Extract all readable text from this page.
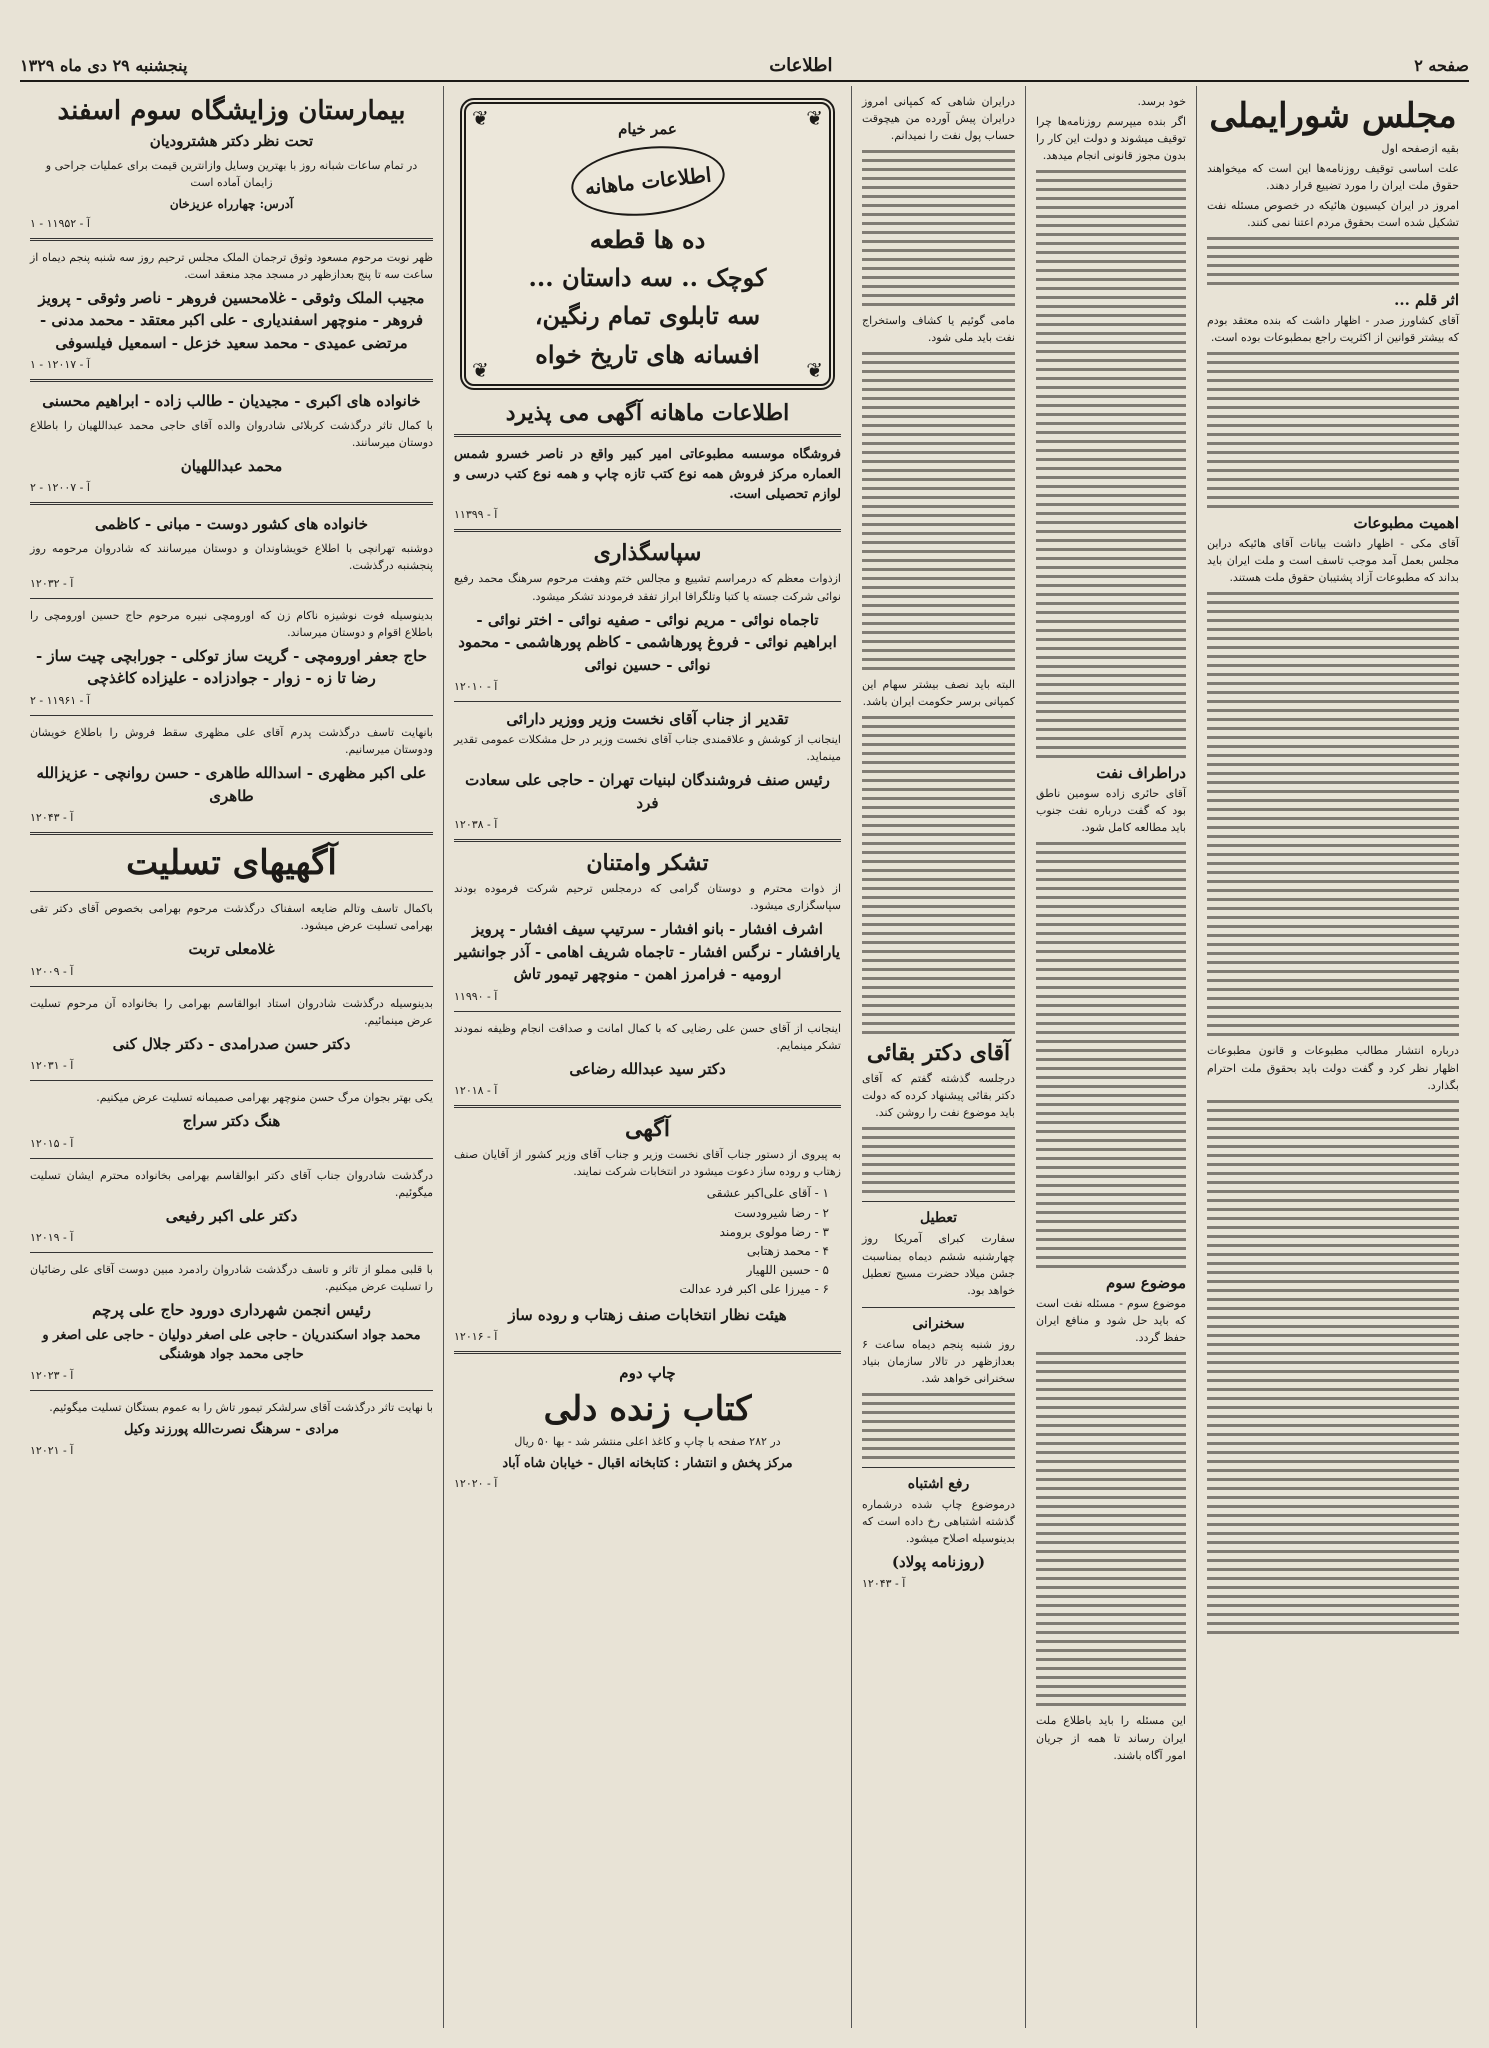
صفحه ۲
اطلاعات
پنجشنبه ۲۹ دی ماه ۱۳۲۹
مجلس شورایملی
بقیه ازصفحه اول

علت اساسی توقیف روزنامه‌ها این است که میخواهند حقوق ملت ایران را مورد تضییع قرار دهند.

امروز در ایران کیسیون هائیکه در خصوص مسئله نفت تشکیل شده است بحقوق مردم اعتنا نمی کنند.

اثر قلم ...

آقای کشاورز صدر - اظهار داشت که بنده معتقد بودم که بیشتر قوانین از اکثریت راجع بمطبوعات بوده است.

اهمیت مطبوعات

آقای مکی - اظهار داشت بیانات آقای هائیکه دراین مجلس بعمل آمد موجب تاسف است و ملت ایران باید بداند که مطبوعات آزاد پشتیبان حقوق ملت هستند.

درباره انتشار مطالب مطبوعات و قانون مطبوعات اظهار نظر کرد و گفت دولت باید بحقوق ملت احترام بگذارد.

خود برسد.

اگر بنده میپرسم روزنامه‌ها چرا توقیف میشوند و دولت این کار را بدون مجوز قانونی انجام میدهد.

دراطراف نفت

آقای حائری زاده سومین ناطق بود که گفت درباره نفت جنوب باید مطالعه کامل شود.

موضوع سوم

موضوع سوم - مسئله نفت است که باید حل شود و منافع ایران حفظ گردد.

این مسئله را باید باطلاع ملت ایران رساند تا همه از جریان امور آگاه باشند.

درایران شاهی که کمپانی امروز درایران پیش آورده من هیچوقت حساب پول نفت را نمیدانم.

مامی گوئیم یا کشاف واستخراج نفت باید ملی شود.

البته باید نصف بیشتر سهام این کمپانی برسر حکومت ایران باشد.

آقای دکتر بقائی

درجلسه گذشته گفتم که آقای دکتر بقائی پیشنهاد کرده که دولت باید موضوع نفت را روشن کند.

تعطیل

سفارت کبرای آمریکا روز چهارشنبه ششم دیماه بمناسبت جشن میلاد حضرت مسیح تعطیل خواهد بود.

سخنرانی

روز شنبه پنجم دیماه ساعت ۶ بعدازظهر در تالار سازمان بنیاد سخنرانی خواهد شد.

رفع اشتباه

درموضوع چاپ شده درشماره گذشته اشتباهی رخ داده است که بدینوسیله اصلاح میشود.

(روزنامه پولاد)
آ - ۱۲۰۴۳
❦	❦
❦	❦
عمر خیام
اطلاعات ماهانه
ده ها قطعه
کوچک .. سه داستان ...
سه تابلوی تمام رنگین،
افسانه های تاریخ خواه
اطلاعات ماهانه آگهی می پذیرد

فروشگاه موسسه مطبوعاتی امیر کبیر واقع در ناصر خسرو شمس العماره مرکز فروش همه نوع کتب تازه چاپ و همه نوع کتب درسی و لوازم تحصیلی است.

آ - ۱۱۳۹۹
سپاسگذاری

ازذوات معظم که درمراسم تشییع و مجالس ختم وهفت مرحوم سرهنگ محمد رفیع نوائی شرکت جسته یا کتبا وتلگرافا ابراز تفقد فرمودند تشکر میشود.

تاجماه نوائی - مریم نوائی - صفیه نوائی - اختر نوائی - ابراهیم نوائی - فروغ پورهاشمی - کاظم پورهاشمی - محمود نوائی - حسین نوائی
آ - ۱۲۰۱۰
تقدیر از جناب آقای نخست وزیر ووزیر دارائی

اینجانب از کوشش و علاقمندی جناب آقای نخست وزیر در حل مشکلات عمومی تقدیر مینماید.

رئیس صنف فروشندگان لبنیات تهران - حاجی علی سعادت فرد
آ - ۱۲۰۳۸
تشکر وامتنان

از ذوات محترم و دوستان گرامی که درمجلس ترحیم شرکت فرموده بودند سپاسگزاری میشود.

اشرف افشار - بانو افشار - سرتیپ سیف افشار - پرویز یارافشار - نرگس افشار - تاجماه شریف اهامی - آذر جوانشیر ارومیه - فرامرز اهمن - منوچهر تیمور تاش
آ - ۱۱۹۹۰

اینجانب از آقای حسن علی رضایی که با کمال امانت و صداقت انجام وظیفه نمودند تشکر مینمایم.

دکتر سید عبدالله رضاعی
آ - ۱۲۰۱۸
آگهی

به پیروی از دستور جناب آقای نخست وزیر و جناب آقای وزیر کشور از آقایان صنف زهتاب و روده ساز دعوت میشود در انتخابات شرکت نمایند.

۱ - آقای علی‌اکبر عشقی
۲ - رضا شیرودست
۳ - رضا مولوی برومند
۴ - محمد زهتابی
۵ - حسین اللهیار
۶ - میرزا علی اکبر فرد عدالت
هیئت نظار انتخابات صنف زهتاب و روده ساز
آ - ۱۲۰۱۶
چاپ دوم
کتاب زنده دلی

در ۲۸۲ صفحه با چاپ و کاغذ اعلی منتشر شد - بها ۵۰ ریال

مرکز پخش و انتشار : کتابخانه اقبال - خیابان شاه آباد
آ - ۱۲۰۲۰
بیمارستان وزایشگاه سوم اسفند
تحت نظر دکتر هشترودیان

در تمام ساعات شبانه روز با بهترین وسایل وازانترین قیمت برای عملیات جراحی و زایمان آماده است

آدرس: چهارراه عزیزخان
آ - ۱۱۹۵۲ - ۱

ظهر نوبت مرحوم مسعود وثوق ترجمان الملک مجلس ترحیم روز سه شنبه پنجم دیماه از ساعت سه تا پنج بعدازظهر در مسجد مجد منعقد است.

مجیب الملک وثوقی - غلامحسین فروهر - ناصر وثوقی - پرویز فروهر - منوچهر اسفندیاری - علی اکبر معتقد - محمد مدنی - مرتضی عمیدی - محمد سعید خزعل - اسمعیل فیلسوفی
آ - ۱۲۰۱۷ - ۱
خانواده های اکبری - مجیدیان - طالب زاده - ابراهیم محسنی

با کمال تاثر درگذشت کربلائی شادروان والده آقای حاجی محمد عبداللهیان را باطلاع دوستان میرسانند.

محمد عبداللهیان
آ - ۱۲۰۰۷ - ۲
خانواده های کشور دوست - مبانی - کاظمی

دوشنبه تهرانچی با اطلاع خویشاوندان و دوستان میرسانند که شادروان مرحومه روز پنجشنبه درگذشت.

آ - ۱۲۰۳۲

بدینوسیله فوت نوشیزه ناکام زن که اورومچی نبیره مرحوم حاج حسین اورومچی را باطلاع اقوام و دوستان میرساند.

حاج جعفر اورومچی - گریت ساز توکلی - جورابچی چیت ساز - رضا تا زه - زوار - جوادزاده - علیزاده کاغذچی
آ - ۱۱۹۶۱ - ۲

بانهایت تاسف درگذشت پدرم آقای علی مظهری سقط فروش را باطلاع خویشان ودوستان میرسانیم.

علی اکبر مظهری - اسدالله طاهری - حسن روانچی - عزیزالله طاهری
آ - ۱۲۰۴۳
آگهیهای تسلیت

باکمال تاسف وتالم ضایعه اسفناک درگذشت مرحوم بهرامی بخصوص آقای دکتر تقی بهرامی تسلیت عرض میشود.

غلامعلی تربت
آ - ۱۲۰۰۹

بدینوسیله درگذشت شادروان استاد ابوالقاسم بهرامی را بخانواده آن مرحوم تسلیت عرض مینمائیم.

دکتر حسن صدرامدی - دکتر جلال کنی
آ - ۱۲۰۳۱

یکی بهتر بجوان مرگ حسن منوچهر بهرامی صمیمانه تسلیت عرض میکنیم.

هنگ دکتر سراج
آ - ۱۲۰۱۵

درگذشت شادروان جناب آقای دکتر ابوالقاسم بهرامی بخانواده محترم ایشان تسلیت میگوئیم.

دکتر علی اکبر رفیعی
آ - ۱۲۰۱۹

با قلبی مملو از تاثر و تاسف درگذشت شادروان رادمرد مبین دوست آقای علی رضائیان را تسلیت عرض میکنیم.

رئیس انجمن شهرداری دورود حاج علی پرچم
محمد جواد اسکندریان - حاجی علی اصغر دولیان - حاجی علی اصغر و حاجی محمد جواد هوشنگی
آ - ۱۲۰۲۳

با نهایت تاثر درگذشت آقای سرلشکر تیمور تاش را به عموم بستگان تسلیت میگوئیم.

مرادی - سرهنگ نصرت‌الله پورزند وکیل
آ - ۱۲۰۲۱
